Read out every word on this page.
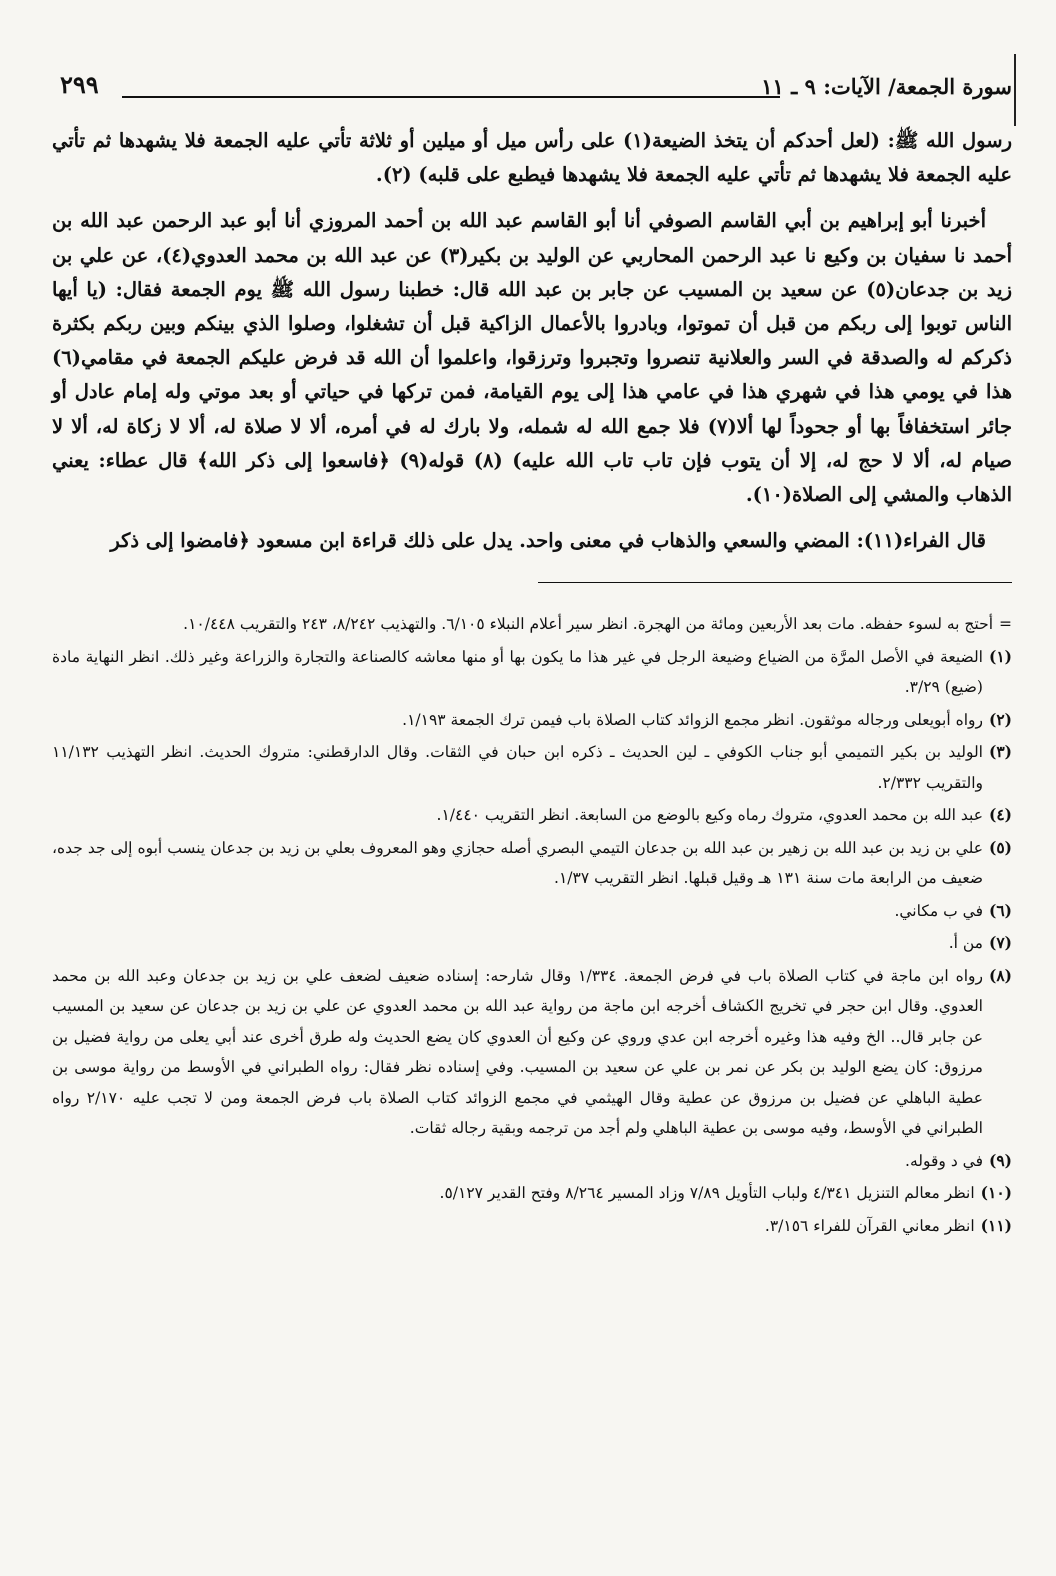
سورة الجمعة/ الآيات: ٩ ـ ١١
٢٩٩

رسول الله ﷺ: (لعل أحدكم أن يتخذ الضيعة(١) على رأس ميل أو ميلين أو ثلاثة تأتي عليه الجمعة فلا يشهدها ثم تأتي عليه الجمعة فلا يشهدها ثم تأتي عليه الجمعة فلا يشهدها فيطبع على قلبه) (٢).

أخبرنا أبو إبراهيم بن أبي القاسم الصوفي أنا أبو القاسم عبد الله بن أحمد المروزي أنا أبو عبد الرحمن عبد الله بن أحمد نا سفيان بن وكيع نا عبد الرحمن المحاربي عن الوليد بن بكير(٣) عن عبد الله بن محمد العدوي(٤)، عن علي بن زيد بن جدعان(٥) عن سعيد بن المسيب عن جابر بن عبد الله قال: خطبنا رسول الله ﷺ يوم الجمعة فقال: (يا أيها الناس توبوا إلى ربكم من قبل أن تموتوا، وبادروا بالأعمال الزاكية قبل أن تشغلوا، وصلوا الذي بينكم وبين ربكم بكثرة ذكركم له والصدقة في السر والعلانية تنصروا وتجبروا وترزقوا، واعلموا أن الله قد فرض عليكم الجمعة في مقامي(٦) هذا في يومي هذا في شهري هذا في عامي هذا إلى يوم القيامة، فمن تركها في حياتي أو بعد موتي وله إمام عادل أو جائر استخفافاً بها أو جحوداً لها ألا(٧) فلا جمع الله له شمله، ولا بارك له في أمره، ألا لا صلاة له، ألا لا زكاة له، ألا لا صيام له، ألا لا حج له، إلا أن يتوب فإن تاب تاب الله عليه) (٨) قوله(٩) ﴿فاسعوا إلى ذكر الله﴾ قال عطاء: يعني الذهاب والمشي إلى الصلاة(١٠).

قال الفراء(١١): المضي والسعي والذهاب في معنى واحد. يدل على ذلك قراءة ابن مسعود ﴿فامضوا إلى ذكر

=
أحتج به لسوء حفظه. مات بعد الأربعين ومائة من الهجرة. انظر سير أعلام النبلاء ٦/١٠٥. والتهذيب ٨/٢٤٢، ٢٤٣ والتقريب ١٠/٤٤٨.
(١)
الضيعة في الأصل المرَّة من الضياع وضيعة الرجل في غير هذا ما يكون بها أو منها معاشه كالصناعة والتجارة والزراعة وغير ذلك. انظر النهاية مادة (ضيع) ٣/٢٩.
(٢)
رواه أبويعلى ورجاله موثقون. انظر مجمع الزوائد كتاب الصلاة باب فيمن ترك الجمعة ١/١٩٣.
(٣)
الوليد بن بكير التميمي أبو جناب الكوفي ـ لين الحديث ـ ذكره ابن حبان في الثقات. وقال الدارقطني: متروك الحديث. انظر التهذيب ١١/١٣٢ والتقريب ٢/٣٣٢.
(٤)
عبد الله بن محمد العدوي، متروك رماه وكيع بالوضع من السابعة. انظر التقريب ١/٤٤٠.
(٥)
علي بن زيد بن عبد الله بن زهير بن عبد الله بن جدعان التيمي البصري أصله حجازي وهو المعروف بعلي بن زيد بن جدعان ينسب أبوه إلى جد جده، ضعيف من الرابعة مات سنة ١٣١ هـ وقيل قبلها. انظر التقريب ١/٣٧.
(٦)
في ب مكاني.
(٧)
من أ.
(٨)
رواه ابن ماجة في كتاب الصلاة باب في فرض الجمعة. ١/٣٣٤ وقال شارحه: إسناده ضعيف لضعف علي بن زيد بن جدعان وعبد الله بن محمد العدوي. وقال ابن حجر في تخريج الكشاف أخرجه ابن ماجة من رواية عبد الله بن محمد العدوي عن علي بن زيد بن جدعان عن سعيد بن المسيب عن جابر قال.. الخ وفيه هذا وغيره أخرجه ابن عدي وروي عن وكيع أن العدوي كان يضع الحديث وله طرق أخرى عند أبي يعلى من رواية فضيل بن مرزوق: كان يضع الوليد بن بكر عن نمر بن علي عن سعيد بن المسيب. وفي إسناده نظر فقال: رواه الطبراني في الأوسط من رواية موسى بن عطية الباهلي عن فضيل بن مرزوق عن عطية وقال الهيثمي في مجمع الزوائد كتاب الصلاة باب فرض الجمعة ومن لا تجب عليه ٢/١٧٠ رواه الطبراني في الأوسط، وفيه موسى بن عطية الباهلي ولم أجد من ترجمه وبقية رجاله ثقات.
(٩)
في د وقوله.
(١٠)
انظر معالم التنزيل ٤/٣٤١ ولباب التأويل ٧/٨٩ وزاد المسير ٨/٢٦٤ وفتح القدير ٥/١٢٧.
(١١)
انظر معاني القرآن للفراء ٣/١٥٦.
